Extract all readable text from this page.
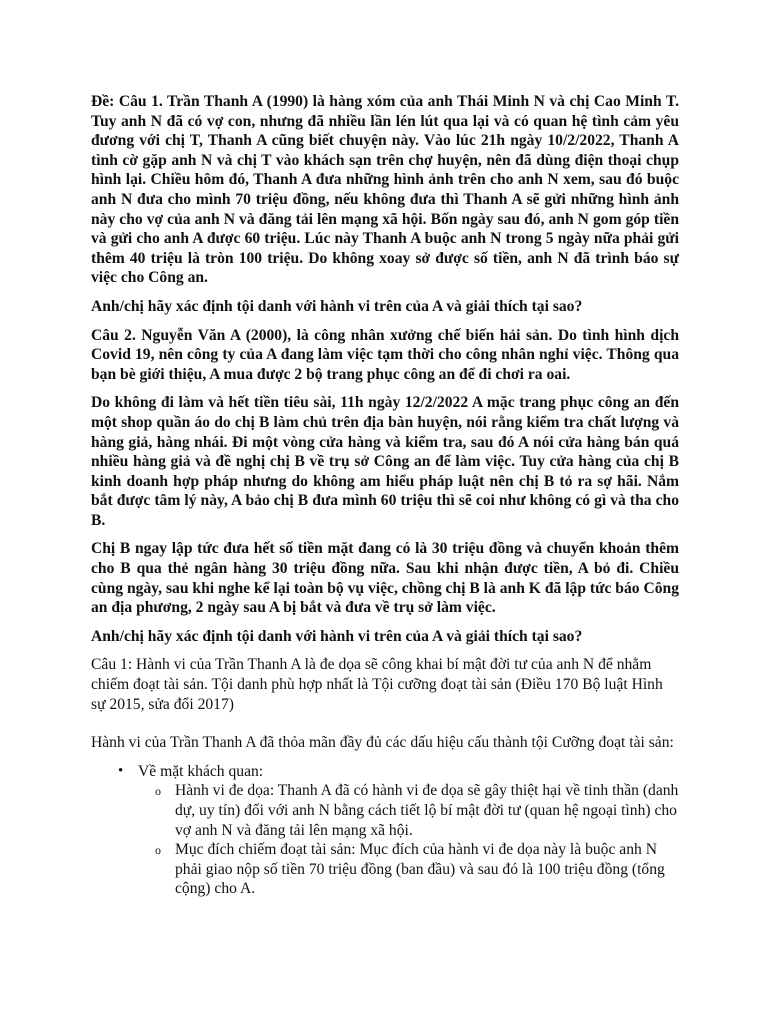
Đề: Câu 1. Trần Thanh A (1990) là hàng xóm của anh Thái Minh N và chị Cao Minh T. Tuy anh N đã có vợ con, nhưng đã nhiều lần lén lút qua lại và có quan hệ tình cảm yêu đương với chị T, Thanh A cũng biết chuyện này. Vào lúc 21h ngày 10/2/2022, Thanh A tình cờ gặp anh N và chị T vào khách sạn trên chợ huyện, nên đã dùng điện thoại chụp hình lại. Chiều hôm đó, Thanh A đưa những hình ảnh trên cho anh N xem, sau đó buộc anh N đưa cho mình 70 triệu đồng, nếu không đưa thì Thanh A sẽ gửi những hình ảnh này cho vợ của anh N và đăng tải lên mạng xã hội. Bốn ngày sau đó, anh N gom góp tiền và gửi cho anh A được 60 triệu. Lúc này Thanh A buộc anh N trong 5 ngày nữa phải gửi thêm 40 triệu là tròn 100 triệu. Do không xoay sở được số tiền, anh N đã trình báo sự việc cho Công an.

Anh/chị hãy xác định tội danh với hành vi trên của A và giải thích tại sao?

Câu 2. Nguyễn Văn A (2000), là công nhân xưởng chế biến hải sản. Do tình hình dịch Covid 19, nên công ty của A đang làm việc tạm thời cho công nhân nghỉ việc. Thông qua bạn bè giới thiệu, A mua được 2 bộ trang phục công an để đi chơi ra oai.

Do không đi làm và hết tiền tiêu sài, 11h ngày 12/2/2022 A mặc trang phục công an đến một shop quần áo do chị B làm chủ trên địa bàn huyện, nói rằng kiểm tra chất lượng và hàng giả, hàng nhái. Đi một vòng cửa hàng và kiểm tra, sau đó A nói cửa hàng bán quá nhiều hàng giả và đề nghị chị B về trụ sở Công an để làm việc. Tuy cửa hàng của chị B kinh doanh hợp pháp nhưng do không am hiểu pháp luật nên chị B tỏ ra sợ hãi. Nắm bắt được tâm lý này, A bảo chị B đưa mình 60 triệu thì sẽ coi như không có gì và tha cho B.

Chị B ngay lập tức đưa hết số tiền mặt đang có là 30 triệu đồng và chuyển khoản thêm cho B qua thẻ ngân hàng 30 triệu đồng nữa. Sau khi nhận được tiền, A bỏ đi. Chiều cùng ngày, sau khi nghe kể lại toàn bộ vụ việc, chồng chị B là anh K đã lập tức báo Công an địa phương, 2 ngày sau A bị bắt và đưa về trụ sở làm việc.

Anh/chị hãy xác định tội danh với hành vi trên của A và giải thích tại sao?

Câu 1: Hành vi của Trần Thanh A là đe dọa sẽ công khai bí mật đời tư của anh N để nhằm chiếm đoạt tài sản. Tội danh phù hợp nhất là Tội cưỡng đoạt tài sản (Điều 170 Bộ luật Hình sự 2015, sửa đổi 2017)

Hành vi của Trần Thanh A đã thỏa mãn đầy đủ các dấu hiệu cấu thành tội Cưỡng đoạt tài sản:

• Về mặt khách quan:
o Hành vi đe dọa: Thanh A đã có hành vi đe dọa sẽ gây thiệt hại về tinh thần (danh dự, uy tín) đối với anh N bằng cách tiết lộ bí mật đời tư (quan hệ ngoại tình) cho vợ anh N và đăng tải lên mạng xã hội.
o Mục đích chiếm đoạt tài sản: Mục đích của hành vi đe dọa này là buộc anh N phải giao nộp số tiền 70 triệu đồng (ban đầu) và sau đó là 100 triệu đồng (tổng cộng) cho A.
